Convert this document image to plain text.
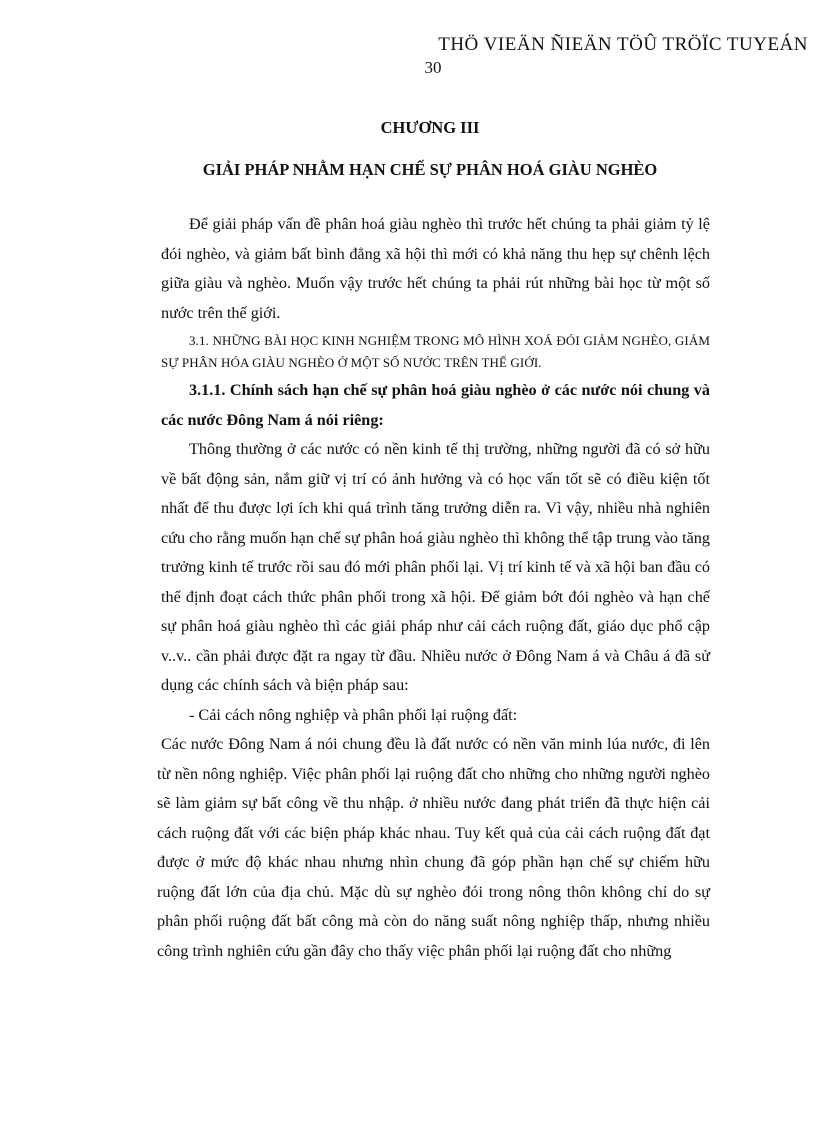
THÖ VIEÄN ÑIEÄN TÖÛ TRÖÏC TUYEÁN
30
CHƯƠNG III
GIẢI PHÁP NHẰM HẠN CHẾ SỰ PHÂN HOÁ GIÀU NGHÈO

Để giải pháp vấn đề phân hoá giàu nghèo thì trước hết chúng ta phải giảm tỷ lệ đói nghèo, và giảm bất bình đẳng xã hội thì mới có khả năng thu hẹp sự chênh lệch giữa giàu và nghèo. Muốn vậy trước hết chúng ta phải rút những bài học từ một số nước trên thế giới.

3.1. NHỮNG BÀI HỌC KINH NGHIỆM TRONG MÔ HÌNH XOÁ ĐÓI GIẢM NGHÈO, GIẢM SỰ PHÂN HÓA GIÀU NGHÈO Ở MỘT SỐ NƯỚC TRÊN THẾ GIỚI.

3.1.1. Chính sách hạn chế sự phân hoá giàu nghèo ở các nước nói chung và các nước Đông Nam á nói riêng:

Thông thường ở các nước có nền kinh tế thị trường, những người đã có sở hữu về bất động sản, nắm giữ vị trí có ảnh hưởng và có học vấn tốt sẽ có điều kiện tốt nhất để thu được lợi ích khi quá trình tăng trưởng diễn ra. Vì vậy, nhiều nhà nghiên cứu cho rằng muốn hạn chế sự phân hoá giàu nghèo thì không thể tập trung vào tăng trưởng kinh tế trước rồi sau đó mới phân phối lại. Vị trí kinh tế và xã hội ban đầu có thể định đoạt cách thức phân phối trong xã hội. Để giảm bớt đói nghèo và hạn chế sự phân hoá giàu nghèo thì các giải pháp như cải cách ruộng đất, giáo dục phổ cập v..v.. cần phải được đặt ra ngay từ đầu. Nhiều nước ở Đông Nam á và Châu á đã sử dụng các chính sách và biện pháp sau:

- Cải cách nông nghiệp và phân phối lại ruộng đất:

Các nước Đông Nam á nói chung đều là đất nước có nền văn minh lúa nước, đi lên từ nền nông nghiệp. Việc phân phối lại ruộng đất cho những cho những người nghèo sẽ làm giảm sự bất công về thu nhập. ở nhiều nước đang phát triển đã thực hiện cải cách ruộng đất với các biện pháp khác nhau. Tuy kết quả của cải cách ruộng đất đạt được ở mức độ khác nhau nhưng nhìn chung đã góp phần hạn chế sự chiếm hữu ruộng đất lớn của địa chủ. Mặc dù sự nghèo đói trong nông thôn không chỉ do sự phân phối ruộng đất bất công mà còn do năng suất nông nghiệp thấp, nhưng nhiều công trình nghiên cứu gần đây cho thấy việc phân phối lại ruộng đất cho những
